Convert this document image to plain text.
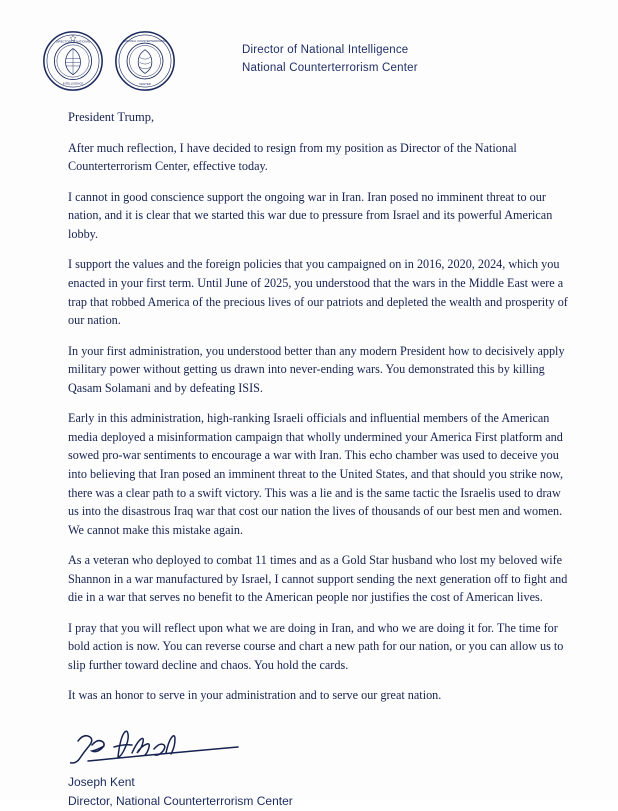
DIRECTOR OF NATIONAL
INTELLIGENCE
NATIONAL COUNTERTERRORISM
CENTER
Director of National Intelligence
National Counterterrorism Center
President Trump,

After much reflection, I have decided to resign from my position as Director of the National Counterterrorism Center, effective today.

I cannot in good conscience support the ongoing war in Iran. Iran posed no imminent threat to our nation, and it is clear that we started this war due to pressure from Israel and its powerful American lobby.

I support the values and the foreign policies that you campaigned on in 2016, 2020, 2024, which you enacted in your first term. Until June of 2025, you understood that the wars in the Middle East were a trap that robbed America of the precious lives of our patriots and depleted the wealth and prosperity of our nation.

In your first administration, you understood better than any modern President how to decisively apply military power without getting us drawn into never-ending wars. You demonstrated this by killing Qasam Solamani and by defeating ISIS.

Early in this administration, high-ranking Israeli officials and influential members of the American media deployed a misinformation campaign that wholly undermined your America First platform and sowed pro-war sentiments to encourage a war with Iran. This echo chamber was used to deceive you into believing that Iran posed an imminent threat to the United States, and that should you strike now, there was a clear path to a swift victory. This was a lie and is the same tactic the Israelis used to draw us into the disastrous Iraq war that cost our nation the lives of thousands of our best men and women. We cannot make this mistake again.

As a veteran who deployed to combat 11 times and as a Gold Star husband who lost my beloved wife Shannon in a war manufactured by Israel, I cannot support sending the next generation off to fight and die in a war that serves no benefit to the American people nor justifies the cost of American lives.

I pray that you will reflect upon what we are doing in Iran, and who we are doing it for. The time for bold action is now. You can reverse course and chart a new path for our nation, or you can allow us to slip further toward decline and chaos. You hold the cards.

It was an honor to serve in your administration and to serve our great nation.

Joseph Kent
Director, National Counterterrorism Center
